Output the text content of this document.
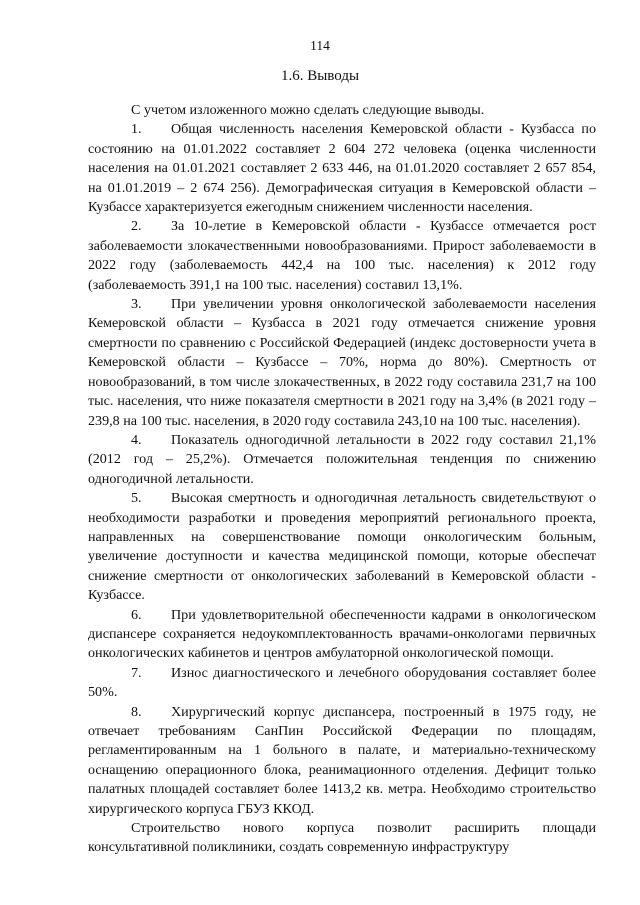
114
1.6. Выводы

С учетом изложенного можно сделать следующие выводы.

1. Общая численность населения Кемеровской области - Кузбасса по состоянию на 01.01.2022 составляет 2 604 272 человека (оценка численности населения на 01.01.2021 составляет 2 633 446, на 01.01.2020 составляет 2 657 854, на 01.01.2019 – 2 674 256). Демографическая ситуация в Кемеровской области – Кузбассе характеризуется ежегодным снижением численности населения.

2. За 10-летие в Кемеровской области - Кузбассе отмечается рост заболеваемости злокачественными новообразованиями. Прирост заболеваемости в 2022 году (заболеваемость 442,4 на 100 тыс. населения) к 2012 году (заболеваемость 391,1 на 100 тыс. населения) составил 13,1%.

3. При увеличении уровня онкологической заболеваемости населения Кемеровской области – Кузбасса в 2021 году отмечается снижение уровня смертности по сравнению с Российской Федерацией (индекс достоверности учета в Кемеровской области – Кузбассе – 70%, норма до 80%). Смертность от новообразований, в том числе злокачественных, в 2022 году составила 231,7 на 100 тыс. населения, что ниже показателя смертности в 2021 году на 3,4% (в 2021 году – 239,8 на 100 тыс. населения, в 2020 году составила 243,10 на 100 тыс. населения).

4. Показатель одногодичной летальности в 2022 году составил 21,1% (2012 год – 25,2%). Отмечается положительная тенденция по снижению одногодичной летальности.

5. Высокая смертность и одногодичная летальность свидетельствуют о необходимости разработки и проведения мероприятий регионального проекта, направленных на совершенствование помощи онкологическим больным, увеличение доступности и качества медицинской помощи, которые обеспечат снижение смертности от онкологических заболеваний в Кемеровской области - Кузбассе.

6. При удовлетворительной обеспеченности кадрами в онкологическом диспансере сохраняется недоукомплектованность врачами-онкологами первичных онкологических кабинетов и центров амбулаторной онкологической помощи.

7. Износ диагностического и лечебного оборудования составляет более 50%.

8. Хирургический корпус диспансера, построенный в 1975 году, не отвечает требованиям СанПин Российской Федерации по площадям, регламентированным на 1 больного в палате, и материально-техническому оснащению операционного блока, реанимационного отделения. Дефицит только палатных площадей составляет более 1413,2 кв. метра. Необходимо строительство хирургического корпуса ГБУЗ ККОД.

Строительство нового корпуса позволит расширить площади консультативной поликлиники, создать современную инфраструктуру
